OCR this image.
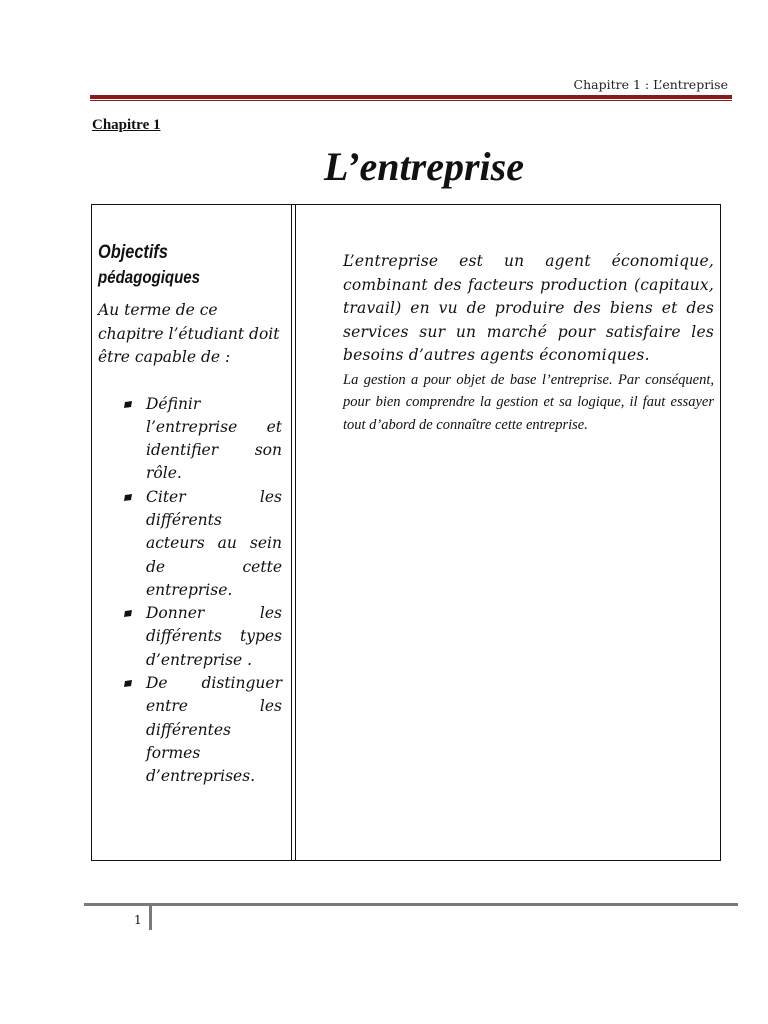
Chapitre 1 : L’entreprise
Chapitre 1
L’entreprise
Objectifs
pédagogiques
Au terme de ce chapitre l’étudiant doit être capable de :
Définir l’entreprise et identifier son rôle.
Citer les différents acteurs au sein de cette entreprise.
Donner les différents types d’entreprise .
De distinguer entre les différentes formes d’entreprises.
L’entreprise est un agent économique, combinant des facteurs production (capitaux, travail) en vu de produire des biens et des services sur un marché pour satisfaire les besoins d’autres agents économiques.
La gestion a pour objet de base l’entreprise. Par conséquent, pour bien comprendre la gestion et sa logique, il faut essayer tout d’abord de connaître cette entreprise.
1
